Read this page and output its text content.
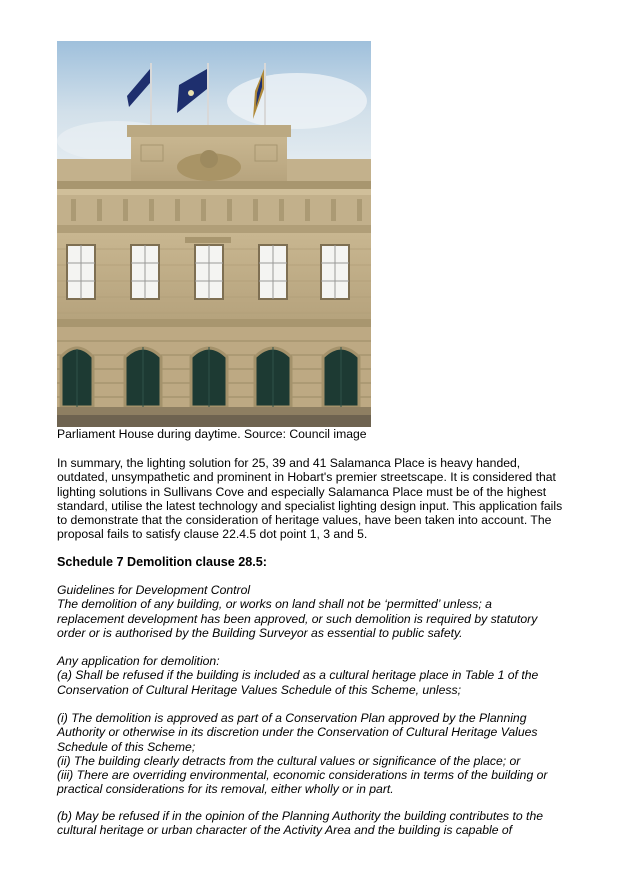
Parliament House during daytime. Source: Council image
In summary, the lighting solution for 25, 39 and 41 Salamanca Place is heavy handed,
outdated, unsympathetic and prominent in Hobart's premier streetscape. It is considered that
lighting solutions in Sullivans Cove and especially Salamanca Place must be of the highest
standard, utilise the latest technology and specialist lighting design input. This application fails
to demonstrate that the consideration of heritage values, have been taken into account. The
proposal fails to satisfy clause 22.4.5 dot point 1, 3 and 5.
Schedule 7 Demolition clause 28.5:
Guidelines for Development Control
The demolition of any building, or works on land shall not be ‘permitted’ unless; a
replacement development has been approved, or such demolition is required by statutory
order or is authorised by the Building Surveyor as essential to public safety.
Any application for demolition:
(a) Shall be refused if the building is included as a cultural heritage place in Table 1 of the
Conservation of Cultural Heritage Values Schedule of this Scheme, unless;
(i) The demolition is approved as part of a Conservation Plan approved by the Planning
Authority or otherwise in its discretion under the Conservation of Cultural Heritage Values
Schedule of this Scheme;
(ii) The building clearly detracts from the cultural values or significance of the place; or
(iii) There are overriding environmental, economic considerations in terms of the building or
practical considerations for its removal, either wholly or in part.
(b) May be refused if in the opinion of the Planning Authority the building contributes to the
cultural heritage or urban character of the Activity Area and the building is capable of
